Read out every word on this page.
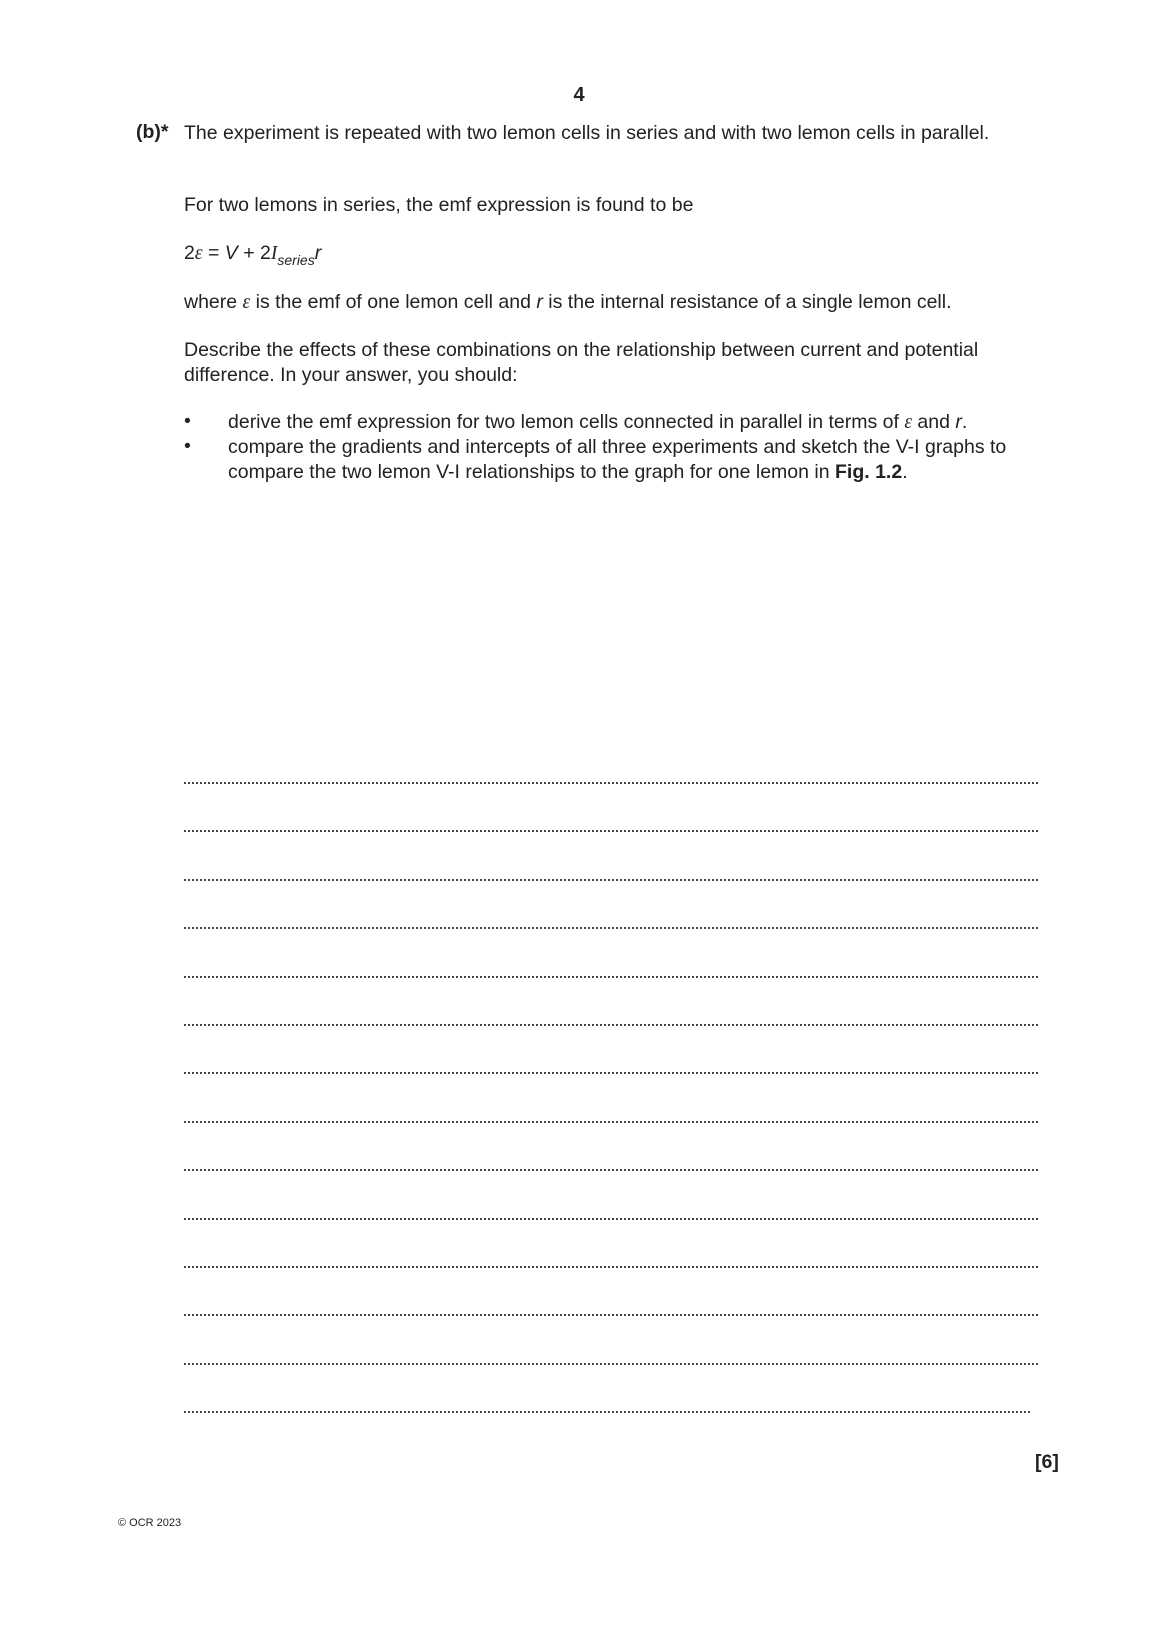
4
(b)* The experiment is repeated with two lemon cells in series and with two lemon cells in parallel.
For two lemons in series, the emf expression is found to be
$2\varepsilon = V + 2I_{series}r$
where ε is the emf of one lemon cell and r is the internal resistance of a single lemon cell.
Describe the effects of these combinations on the relationship between current and potential difference. In your answer, you should:
• derive the emf expression for two lemon cells connected in parallel in terms of ε and r.
• compare the gradients and intercepts of all three experiments and sketch the V-I graphs to compare the two lemon V-I relationships to the graph for one lemon in Fig. 1.2.
[6]
© OCR 2023
